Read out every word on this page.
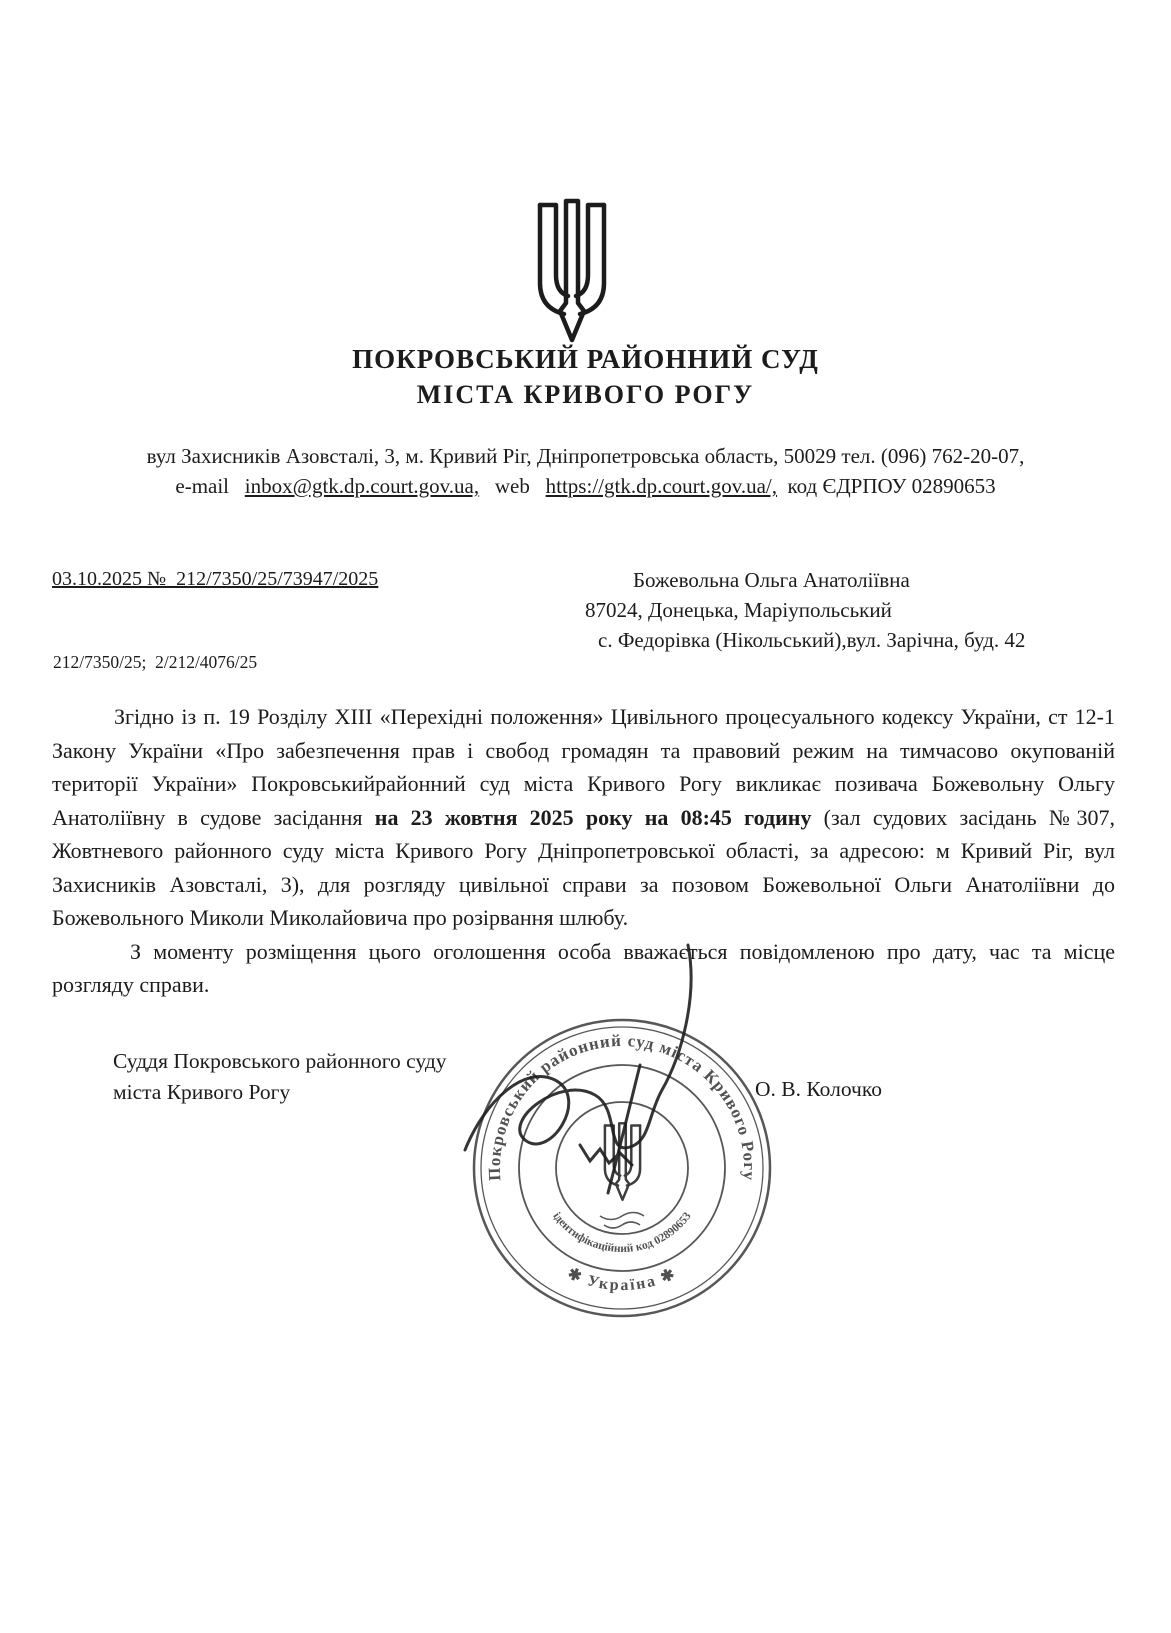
ПОКРОВСЬКИЙ РАЙОННИЙ СУД
МІСТА КРИВОГО РОГУ
вул Захисників Азовсталі, 3, м. Кривий Ріг, Дніпропетровська область, 50029 тел. (096) 762-20-07,
e-mail inbox@gtk.dp.court.gov.ua, web https://gtk.dp.court.gov.ua/, код ЄДРПОУ 02890653
03.10.2025 №  212/7350/25/73947/2025	Божевольна Ольга Анатоліївна
87024, Донецька, Маріупольський
с. Федорівка (Нікольський),вул. Зарічна, буд. 42
212/7350/25;  2/212/4076/25

Згідно із п. 19 Розділу XIII «Перехідні положення» Цивільного процесуального кодексу України, ст 12-1 Закону України «Про забезпечення прав і свобод громадян та правовий режим на тимчасово окупованій території України» Покровськийрайонний суд міста Кривого Рогу викликає позивача Божевольну Ольгу Анатоліївну в судове засідання на 23 жовтня 2025 року на 08:45 годину (зал судових засідань №307, Жовтневого районного суду міста Кривого Рогу Дніпропетровської області, за адресою: м Кривий Ріг, вул Захисників Азовсталі, 3), для розгляду цивільної справи за позовом Божевольної Ольги Анатоліївни до Божевольного Миколи Миколайовича про розірвання шлюбу.

З моменту розміщення цього оголошення особа вважається повідомленою про дату, час та місце розгляду справи.

Суддя Покровського районного суду
міста Кривого Рогу	О. В. Колочко
Покровський районний суд міста Кривого Рогу
✱ Україна ✱
ідентифікаційний код 02890653
